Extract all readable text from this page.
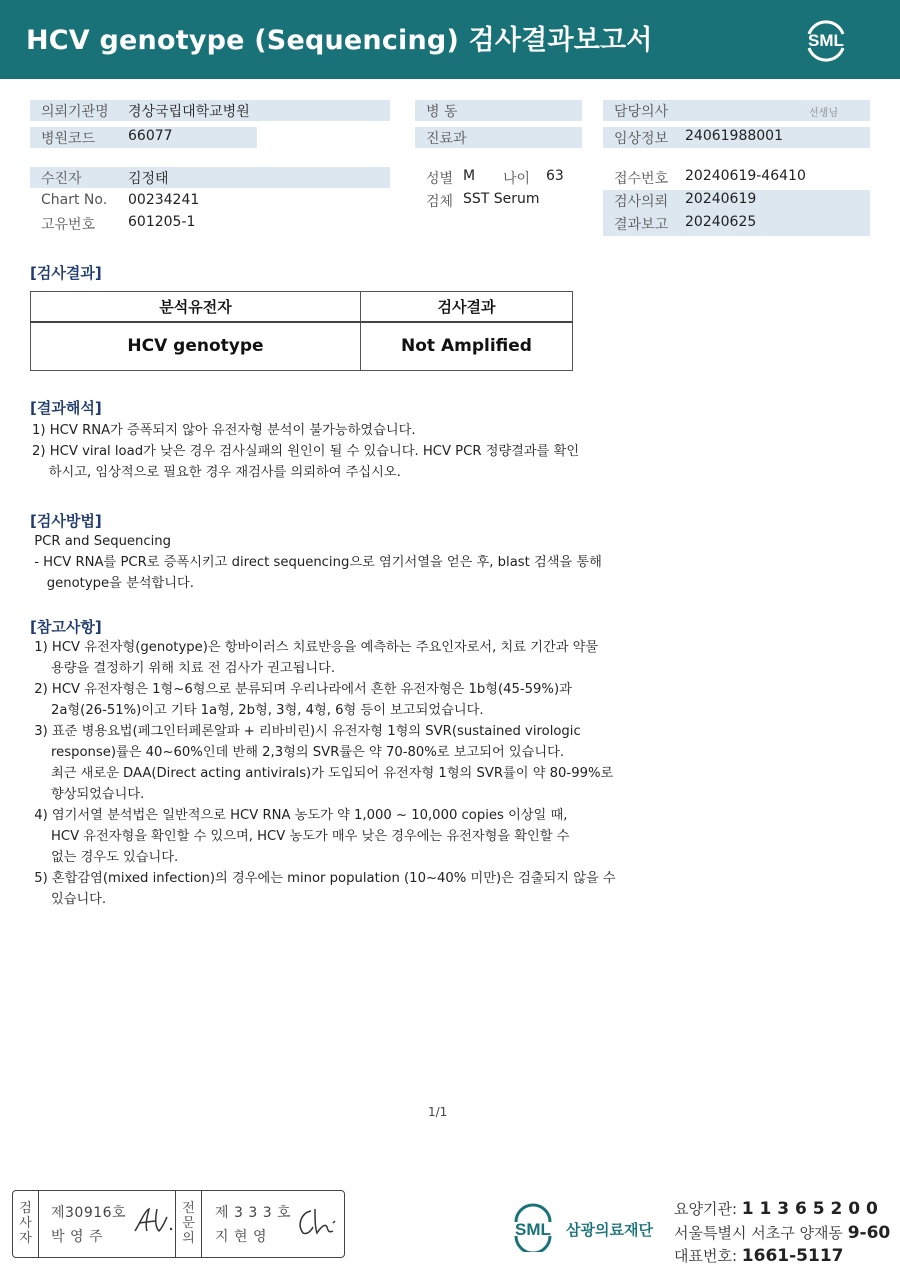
HCV genotype (Sequencing) 검사결과보고서	SML
의뢰기관명 경상국립대학교병원
병원코드 66077
수진자	김정태
Chart No. 00234241
고유번호 601205-1
병 동
진료과
성별 M 나이 63
검체 SST Serum
담당의사	선생님
임상정보 24061988001
접수번호 20240619-46410
검사의뢰 20240619
결과보고 20240625
[검사결과]
분석유전자	검사결과
HCV genotype	Not Amplified
[결과해석]
1) HCV RNA가 증폭되지 않아 유전자형 분석이 불가능하였습니다.
2) HCV viral load가 낮은 경우 검사실패의 원인이 될 수 있습니다. HCV PCR 정량결과를 확인
하시고, 임상적으로 필요한 경우 재검사를 의뢰하여 주십시오.
[검사방법]
PCR and Sequencing
- HCV RNA를 PCR로 증폭시키고 direct sequencing으로 염기서열을 얻은 후, blast 검색을 통해
genotype을 분석합니다.
[참고사항]
1) HCV 유전자형(genotype)은 항바이러스 치료반응을 예측하는 주요인자로서, 치료 기간과 약물
용량을 결정하기 위해 치료 전 검사가 권고됩니다.
2) HCV 유전자형은 1형~6형으로 분류되며 우리나라에서 흔한 유전자형은 1b형(45-59%)과
2a형(26-51%)이고 기타 1a형, 2b형, 3형, 4형, 6형 등이 보고되었습니다.
3) 표준 병용요법(페그인터페론알파 + 리바비린)시 유전자형 1형의 SVR(sustained virologic
response)률은 40~60%인데 반해 2,3형의 SVR률은 약 70-80%로 보고되어 있습니다.
최근 새로운 DAA(Direct acting antivirals)가 도입되어 유전자형 1형의 SVR률이 약 80-99%로
향상되었습니다.
4) 염기서열 분석법은 일반적으로 HCV RNA 농도가 약 1,000 ~ 10,000 copies 이상일 때,
HCV 유전자형을 확인할 수 있으며, HCV 농도가 매우 낮은 경우에는 유전자형을 확인할 수
없는 경우도 있습니다.
5) 혼합감염(mixed infection)의 경우에는 minor population (10~40% 미만)은 검출되지 않을 수
있습니다.
1/1
검
사
자
제30916호
박 영 주
전
문
의
제 3 3 3 호
지 현 영	SML 삼광의료재단
요양기관: 1 1 3 6 5 2 0 0
서울특별시 서초구 양재동 9-60
대표번호: 1661-5117
